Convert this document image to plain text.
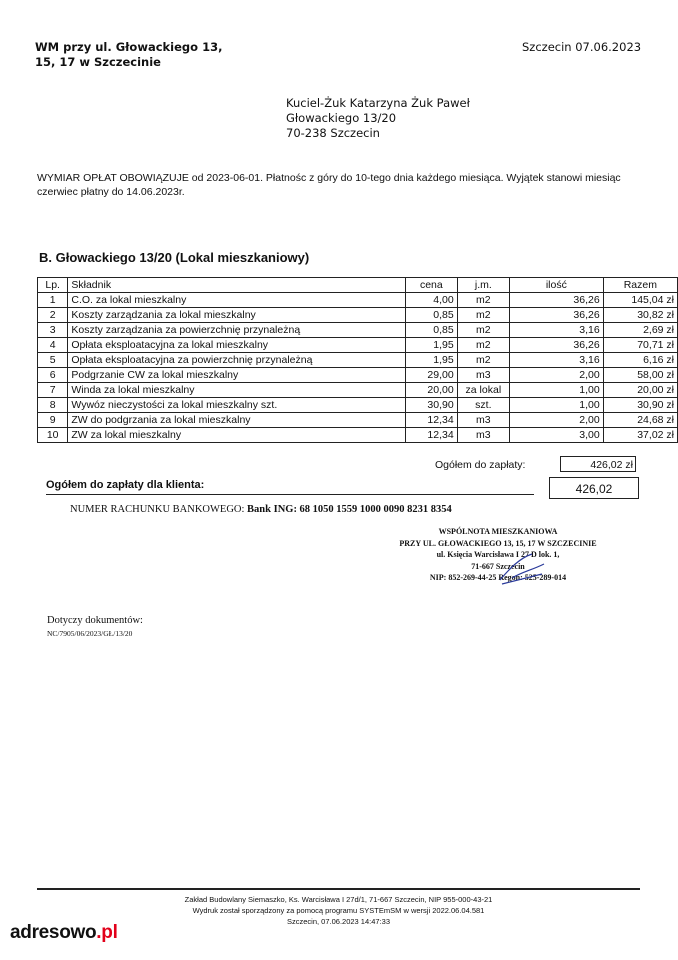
WM przy ul. Głowackiego 13,
15, 17 w Szczecinie
Szczecin 07.06.2023
Kuciel-Żuk Katarzyna Żuk Paweł
Głowackiego 13/20
70-238 Szczecin
WYMIAR OPŁAT OBOWIĄZUJE od 2023-06-01. Płatnośc z góry do 10-tego dnia każdego miesiąca. Wyjątek stanowi miesiąc czerwiec płatny do 14.06.2023r.
B. Głowackiego 13/20 (Lokal mieszkaniowy)
Lp.	Składnik	cena	j.m.	ilość	Razem
1	C.O. za lokal mieszkalny	4,00	m2	36,26	145,04 zł
2	Koszty zarządzania za lokal mieszkalny	0,85	m2	36,26	30,82 zł
3	Koszty zarządzania za powierzchnię przynależną	0,85	m2	3,16	2,69 zł
4	Opłata eksploatacyjna za lokal mieszkalny	1,95	m2	36,26	70,71 zł
5	Opłata eksploatacyjna za powierzchnię przynależną	1,95	m2	3,16	6,16 zł
6	Podgrzanie CW za lokal mieszkalny	29,00	m3	2,00	58,00 zł
7	Winda za lokal mieszkalny	20,00	za lokal	1,00	20,00 zł
8	Wywóz nieczystości za lokal mieszkalny szt.	30,90	szt.	1,00	30,90 zł
9	ZW do podgrzania za lokal mieszkalny	12,34	m3	2,00	24,68 zł
10	ZW za lokal mieszkalny	12,34	m3	3,00	37,02 zł
Ogółem do zapłaty:	426,02 zł
Ogółem do zapłaty dla klienta:	426,02
NUMER RACHUNKU BANKOWEGO: Bank ING: 68 1050 1559 1000 0090 8231 8354
WSPÓLNOTA MIESZKANIOWA
PRZY UL. GŁOWACKIEGO 13, 15, 17 W SZCZECINIE
ul. Księcia Warcisława I 27 D lok. 1,
71-667 Szczecin
NIP: 852-269-44-25 Regon: 525-289-014
Dotyczy dokumentów:
NC/7905/06/2023/GŁ/13/20
Zakład Budowlany Siemaszko, Ks. Warcisława I 27d/1, 71-667 Szczecin, NIP 955-000-43-21
Wydruk został sporządzony za pomocą programu SYSTEmSM w wersji 2022.06.04.581
Szczecin, 07.06.2023 14:47:33
adresowo.pl
